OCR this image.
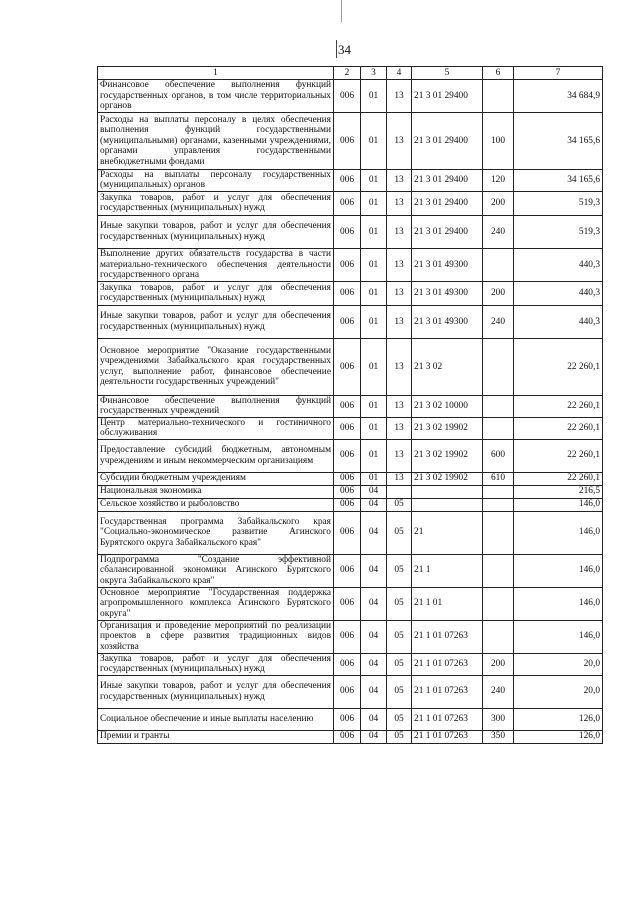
34
1	2	3	4	5	6	7
Финансовое обеспечение выполнения функций государственных органов, в том числе территориальных органов	006	01	13	21 3 01 29400		34 684,9
Расходы на выплаты персоналу в целях обеспечения выполнения функций государственными (муниципальными) органами, казенными учреждениями, органами управления государственными внебюджетными фондами	006	01	13	21 3 01 29400	100	34 165,6
Расходы на выплаты персоналу государственных (муниципальных) органов	006	01	13	21 3 01 29400	120	34 165,6
Закупка товаров, работ и услуг для обеспечения государственных (муниципальных) нужд	006	01	13	21 3 01 29400	200	519,3
Иные закупки товаров, работ и услуг для обеспечения государственных (муниципальных) нужд	006	01	13	21 3 01 29400	240	519,3
Выполнение других обязательств государства в части материально-технического обеспечения деятельности государственного органа	006	01	13	21 3 01 49300		440,3
Закупка товаров, работ и услуг для обеспечения государственных (муниципальных) нужд	006	01	13	21 3 01 49300	200	440,3
Иные закупки товаров, работ и услуг для обеспечения государственных (муниципальных) нужд	006	01	13	21 3 01 49300	240	440,3
Основное мероприятие "Оказание государственными учреждениями Забайкальского края государственных услуг, выполнение работ, финансовое обеспечение деятельности государственных учреждений"	006	01	13	21 3 02		22 260,1
Финансовое обеспечение выполнения функций государственных учреждений	006	01	13	21 3 02 10000		22 260,1
Центр материально-технического и гостиничного обслуживания	006	01	13	21 3 02 19902		22 260,1
Предоставление субсидий бюджетным, автономным учреждениям и иным некоммерческим организациям	006	01	13	21 3 02 19902	600	22 260,1
Субсидии бюджетным учреждениям	006	01	13	21 3 02 19902	610	22 260,1
Национальная экономика	006	04				216,5
Сельское хозяйство и рыболовство	006	04	05			146,0
Государственная программа Забайкальского края "Социально-экономическое развитие Агинского Бурятского округа Забайкальского края"	006	04	05	21		146,0
Подпрограмма "Создание эффективной сбалансированной экономики Агинского Бурятского округа Забайкальского края"	006	04	05	21 1		146,0
Основное мероприятие "Государственная поддержка агропромышленного комплекса Агинского Бурятского округа"	006	04	05	21 1 01		146,0
Организация и проведение мероприятий по реализации проектов в сфере развития традиционных видов хозяйства	006	04	05	21 1 01 07263		146,0
Закупка товаров, работ и услуг для обеспечения государственных (муниципальных) нужд	006	04	05	21 1 01 07263	200	20,0
Иные закупки товаров, работ и услуг для обеспечения государственных (муниципальных) нужд	006	04	05	21 1 01 07263	240	20,0
Социальное обеспечение и иные выплаты населению	006	04	05	21 1 01 07263	300	126,0
Премии и гранты	006	04	05	21 1 01 07263	350	126,0
